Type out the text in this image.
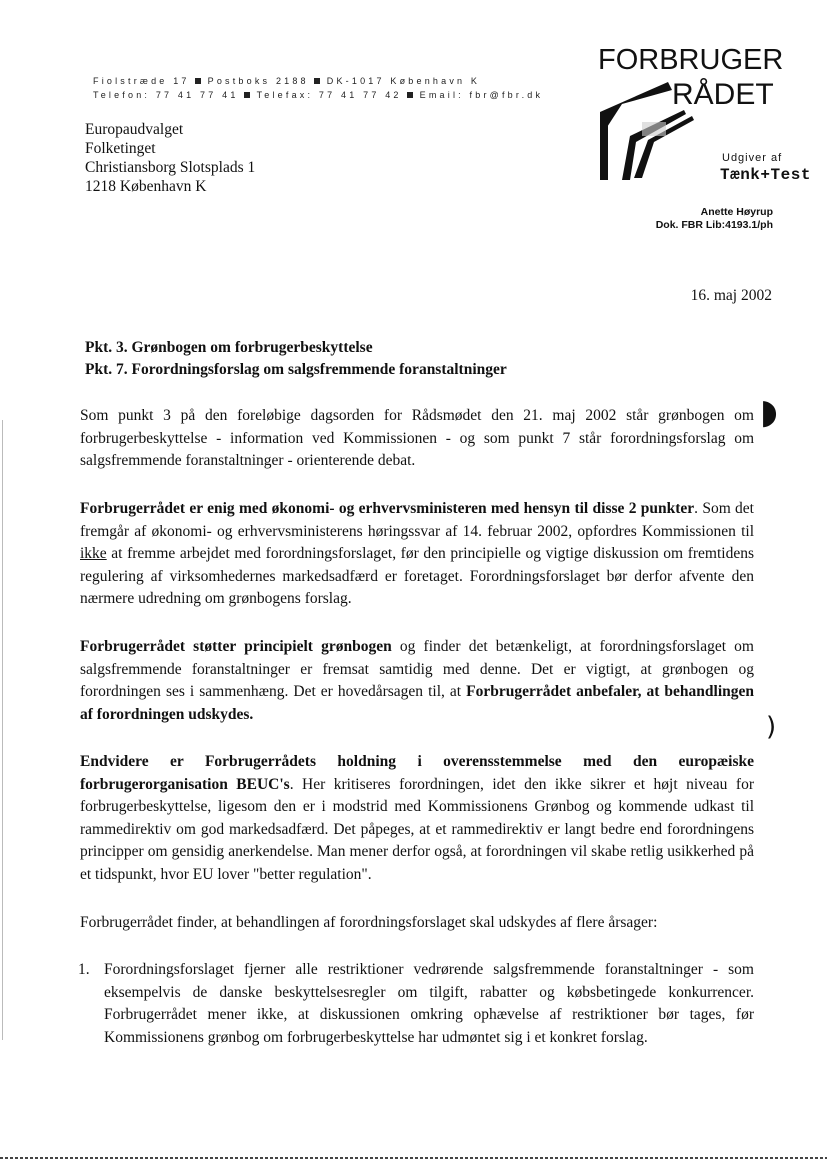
Fiolstræde 17 Postboks 2188 DK-1017 København K
Telefon: 77 41 77 41 Telefax: 77 41 77 42 Email: fbr@fbr.dk
FORBRUGER
RÅDET
Udgiver af
Tænk+Test
Europaudvalget
Folketinget
Christiansborg Slotsplads 1
1218 København K
Anette Høyrup
Dok. FBR Lib:4193.1/ph
16. maj 2002
Pkt. 3. Grønbogen om forbrugerbeskyttelse
Pkt. 7. Forordningsforslag om salgsfremmende foranstaltninger

Som punkt 3 på den foreløbige dagsorden for Rådsmødet den 21. maj 2002 står grønbogen om forbrugerbeskyttelse - information ved Kommissionen - og som punkt 7 står forordningsforslag om salgsfremmende foranstaltninger - orienterende debat.

Forbrugerrådet er enig med økonomi- og erhvervsministeren med hensyn til disse 2 punkter. Som det fremgår af økonomi- og erhvervsministerens høringssvar af 14. februar 2002, opfordres Kommissionen til ikke at fremme arbejdet med forordningsforslaget, før den principielle og vigtige diskussion om fremtidens regulering af virksomhedernes markedsadfærd er foretaget. Forordningsforslaget bør derfor afvente den nærmere udredning om grønbogens forslag.

Forbrugerrådet støtter principielt grønbogen og finder det betænkeligt, at forordningsforslaget om salgsfremmende foranstaltninger er fremsat samtidig med denne. Det er vigtigt, at grønbogen og forordningen ses i sammenhæng. Det er hovedårsagen til, at Forbrugerrådet anbefaler, at behandlingen af forordningen udskydes.

Endvidere er Forbrugerrådets holdning i overensstemmelse med den europæiske forbrugerorganisation BEUC's. Her kritiseres forordningen, idet den ikke sikrer et højt niveau for forbrugerbeskyttelse, ligesom den er i modstrid med Kommissionens Grønbog og kommende udkast til rammedirektiv om god markedsadfærd. Det påpeges, at et rammedirektiv er langt bedre end forordningens principper om gensidig anerkendelse. Man mener derfor også, at forordningen vil skabe retlig usikkerhed på et tidspunkt, hvor EU lover "better regulation".

Forbrugerrådet finder, at behandlingen af forordningsforslaget skal udskydes af flere årsager:

1. Forordningsforslaget fjerner alle restriktioner vedrørende salgsfremmende foranstaltninger - som eksempelvis de danske beskyttelsesregler om tilgift, rabatter og købsbetingede konkurrencer. Forbrugerrådet mener ikke, at diskussionen omkring ophævelse af restriktioner bør tages, før Kommissionens grønbog om forbrugerbeskyttelse har udmøntet sig i et konkret forslag.
◗
)
